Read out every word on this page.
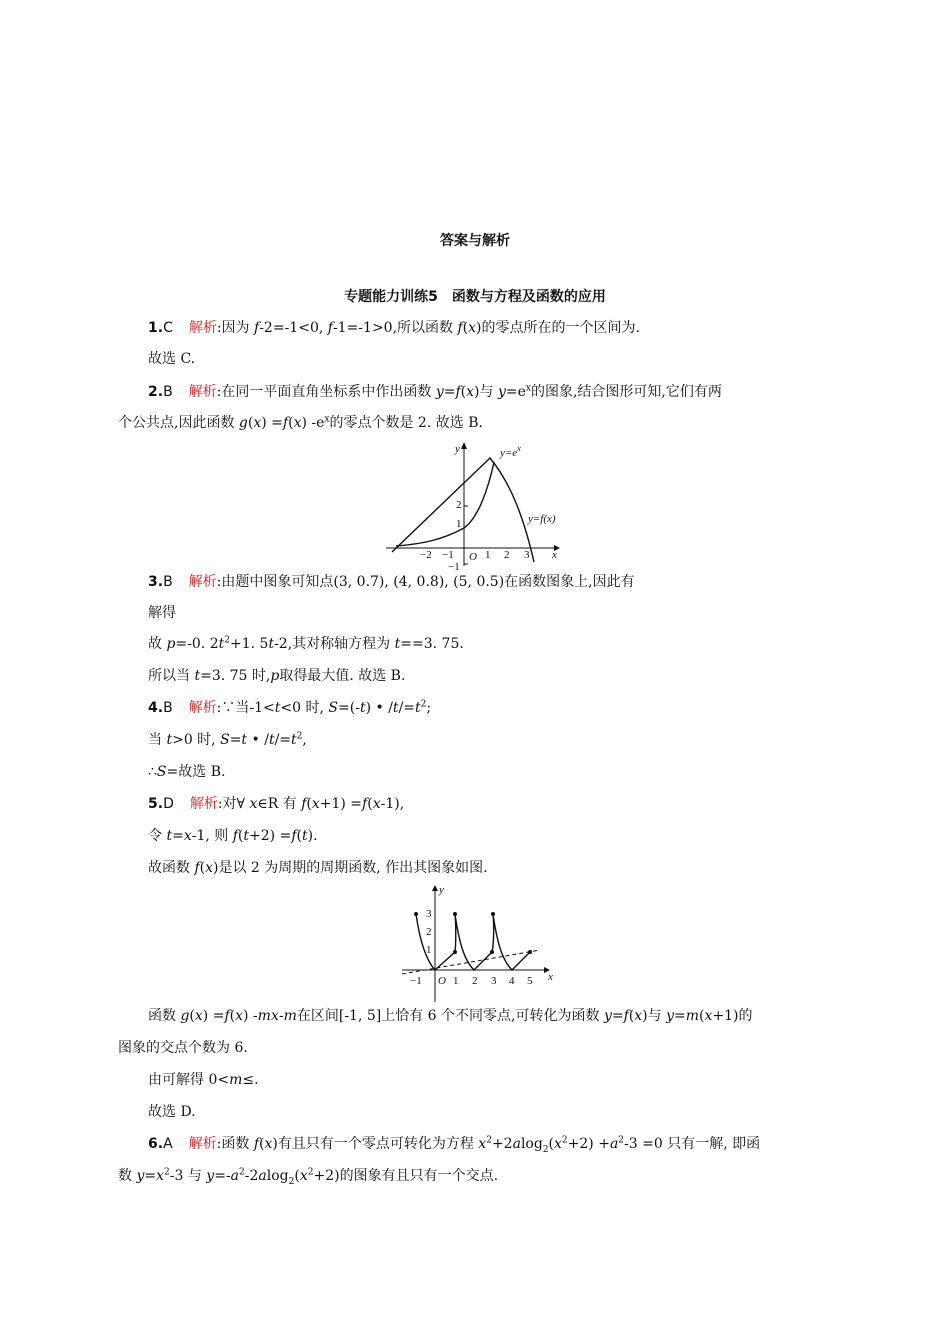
答案与解析
专题能力训练5　函数与方程及函数的应用
1.C 解析:因为 f-2=-1<0, f-1=-1>0,所以函数 f(x)的零点所在的一个区间为.
故选 C.
2.B 解析:在同一平面直角坐标系中作出函数 y=f(x)与 $y=e^x$的图象,结合图形可知,它们有两
个公共点,因此函数 g(x) =f(x) $-e^x$的零点个数是 2. 故选 B.
y
x
O
−2 −1	1 2 3
1
2
−1
$y=e^x$
y=f(x)
3.B 解析:由题中图象可知点(3, 0.7), (4, 0.8), (5, 0.5)在函数图象上,因此有
解得
故 p=-0. $2t^2+1$. 5t-2,其对称轴方程为 t==3. 75.
所以当 t=3. 75 时,p取得最大值. 故选 B.
4.B 解析:∵当-1<t<0 时, S=(-t) • $/t/=t^2$;
当 t>0 时, S=t • $/t/=t^2$,
∴S=故选 B.
5.D 解析:对∀ x∈R 有 f(x+1) =f(x-1),
令 t=x-1, 则 f(t+2) =f(t).
故函数 f(x)是以 2 为周期的周期函数, 作出其图象如图.
y
x
O
−1	1 2 3 4 5
3
2
1
函数 g(x) =f(x) -mx-m在区间[-1, 5]上恰有 6 个不同零点,可转化为函数 y=f(x)与 y=m(x+1)的
图象的交点个数为 6.
由可解得 0<m≤.
故选 D.
6.A 解析:函数 f(x)有且只有一个零点可转化为方程 $x^2+2alog_2(x^2+2) +a^2-3 =0$ 只有一解, 即函
数 $y=x^2-3$ 与 $y=-a^2-2alog_2(x^2+2)$的图象有且只有一个交点.
